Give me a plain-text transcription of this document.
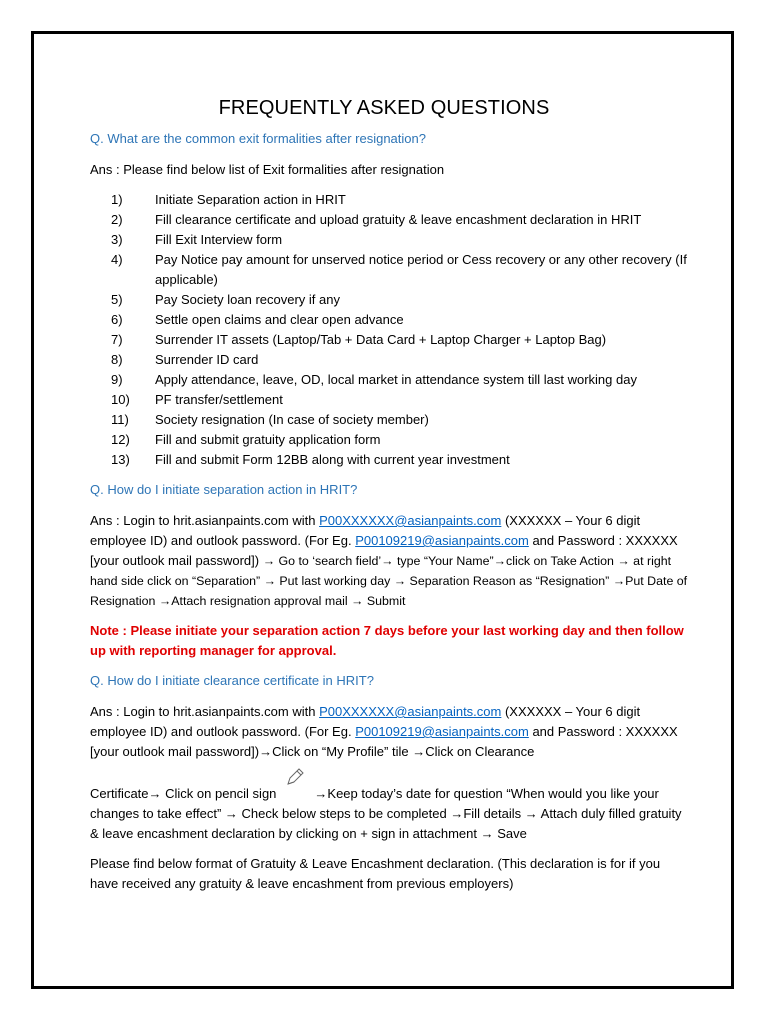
FREQUENTLY ASKED QUESTIONS
Q. What are the common exit formalities after resignation?

Ans : Please find below list of Exit formalities after resignation

1)	Initiate Separation action in HRIT
2)	Fill clearance certificate and upload gratuity & leave encashment declaration in HRIT
3)	Fill Exit Interview form
4)	Pay Notice pay amount for unserved notice period or Cess recovery or any other recovery (If applicable)
5)	Pay Society loan recovery if any
6)	Settle open claims and clear open advance
7)	Surrender IT assets (Laptop/Tab + Data Card + Laptop Charger + Laptop Bag)
8)	Surrender ID card
9)	Apply attendance, leave, OD, local market in attendance system till last working day
10)	PF transfer/settlement
11)	Society resignation (In case of society member)
12)	Fill and submit gratuity application form
13)	Fill and submit Form 12BB along with current year investment
Q. How do I initiate separation action in HRIT?

Ans : Login to hrit.asianpaints.com with P00XXXXXX@asianpaints.com (XXXXXX – Your 6 digit employee ID) and outlook password. (For Eg. P00109219@asianpaints.com and Password : XXXXXX [your outlook mail password]) → Go to ‘search field’→ type “Your Name”→click on Take Action → at right hand side click on “Separation” → Put last working day → Separation Reason as “Resignation” →Put Date of Resignation →Attach resignation approval mail → Submit

Note : Please initiate your separation action 7 days before your last working day and then follow up with reporting manager for approval.

Q. How do I initiate clearance certificate in HRIT?

Ans : Login to hrit.asianpaints.com with P00XXXXXX@asianpaints.com (XXXXXX – Your 6 digit employee ID) and outlook password. (For Eg. P00109219@asianpaints.com and Password : XXXXXX [your outlook mail password])→Click on “My Profile” tile →Click on Clearance

Certificate→ Click on pencil sign	→Keep today’s date for question “When would you like your changes to take effect” → Check below steps to be completed →Fill details → Attach duly filled gratuity & leave encashment declaration by clicking on + sign in attachment → Save

Please find below format of Gratuity & Leave Encashment declaration. (This declaration is for if you have received any gratuity & leave encashment from previous employers)
